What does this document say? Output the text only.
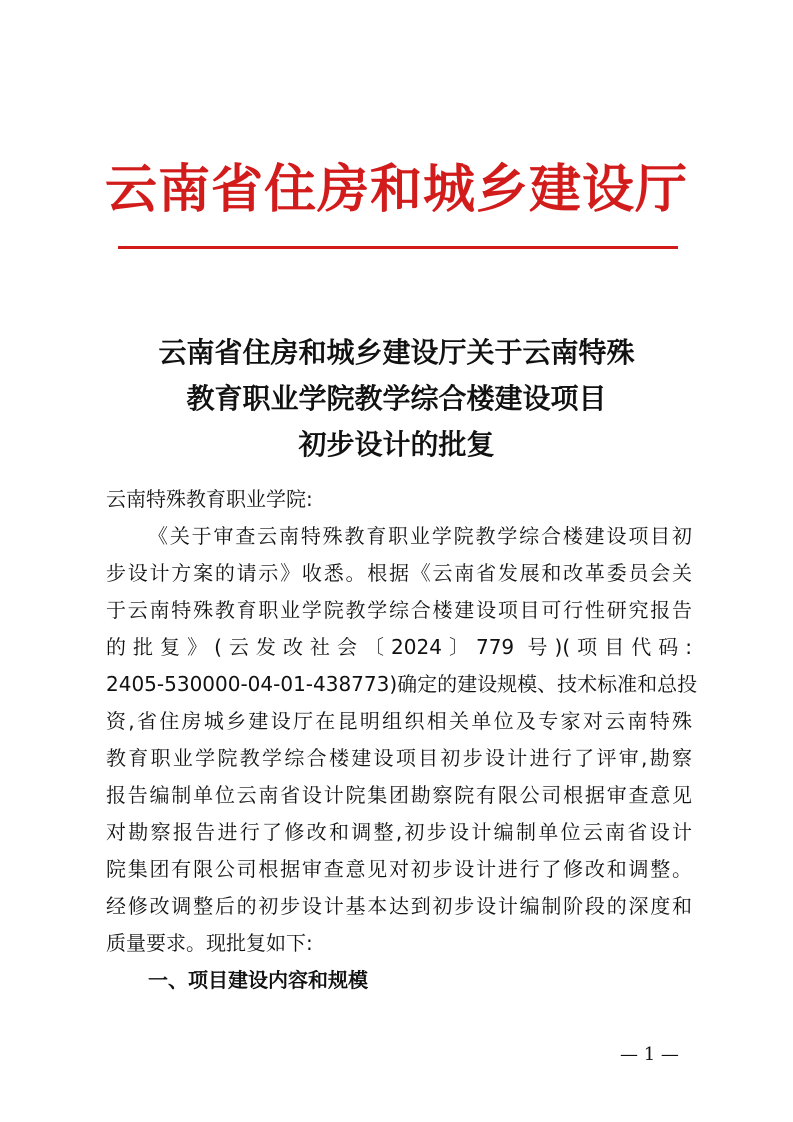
云南省住房和城乡建设厅
云南省住房和城乡建设厅关于云南特殊
教育职业学院教学综合楼建设项目
初步设计的批复
云南特殊教育职业学院:
《关于审查云南特殊教育职业学院教学综合楼建设项目初
步设计方案的请示》收悉。根据《云南省发展和改革委员会关
于云南特殊教育职业学院教学综合楼建设项目可行性研究报告
的批复》(云发改社会〔2024〕779 号)(项目代码:
2405-530000-04-01-438773)确定的建设规模、技术标准和总投
资,省住房城乡建设厅在昆明组织相关单位及专家对云南特殊
教育职业学院教学综合楼建设项目初步设计进行了评审,勘察
报告编制单位云南省设计院集团勘察院有限公司根据审查意见
对勘察报告进行了修改和调整,初步设计编制单位云南省设计
院集团有限公司根据审查意见对初步设计进行了修改和调整。
经修改调整后的初步设计基本达到初步设计编制阶段的深度和
质量要求。现批复如下:
一、项目建设内容和规模
— 1 —
